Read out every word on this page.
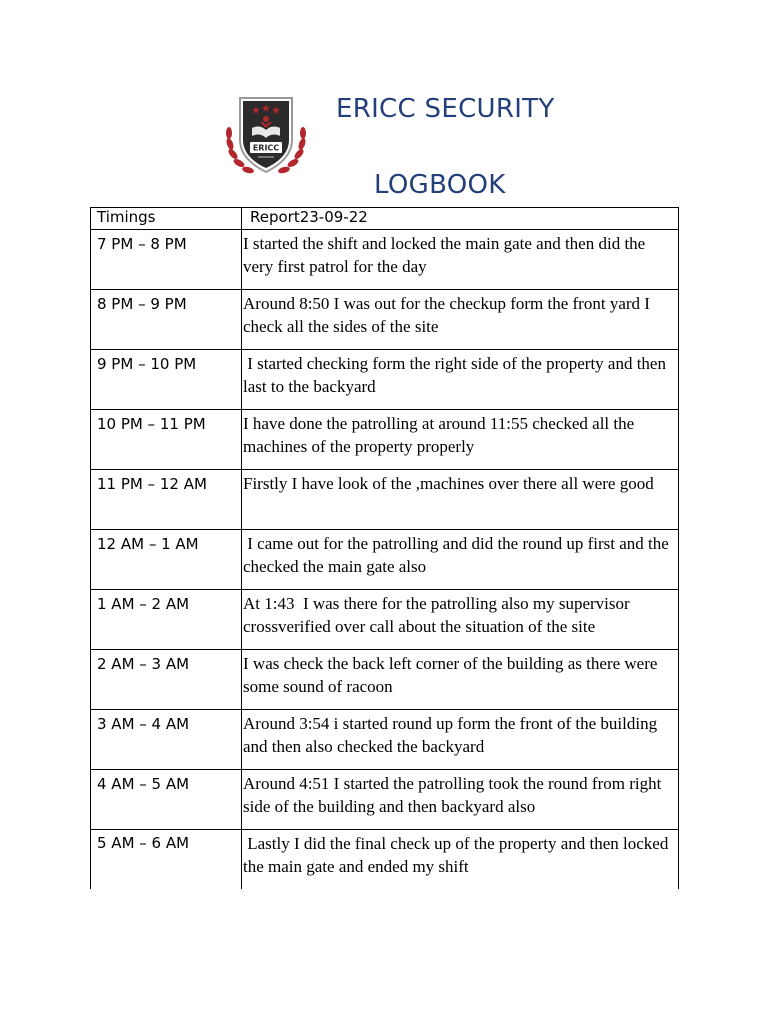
ERICC
ERICC SECURITY
LOGBOOK
Timings	Report23-09-22
7 PM – 8 PM	I started the shift and locked the main gate and then did the very first patrol for the day
8 PM – 9 PM	Around 8:50 I was out for the checkup form the front yard I check all the sides of the site
9 PM – 10 PM	I started checking form the right side of the property and then last to the backyard
10 PM – 11 PM	I have done the patrolling at around 11:55 checked all the machines of the property properly
11 PM – 12 AM	Firstly I have look of the ,machines over there all were good
12 AM – 1 AM	I came out for the patrolling and did the round up first and the checked the main gate also
1 AM – 2 AM	At 1:43  I was there for the patrolling also my supervisor crossverified over call about the situation of the site
2 AM – 3 AM	I was check the back left corner of the building as there were some sound of racoon
3 AM – 4 AM	Around 3:54 i started round up form the front of the building and then also checked the backyard
4 AM – 5 AM	Around 4:51 I started the patrolling took the round from right side of the building and then backyard also
5 AM – 6 AM	Lastly I did the final check up of the property and then locked the main gate and ended my shift
